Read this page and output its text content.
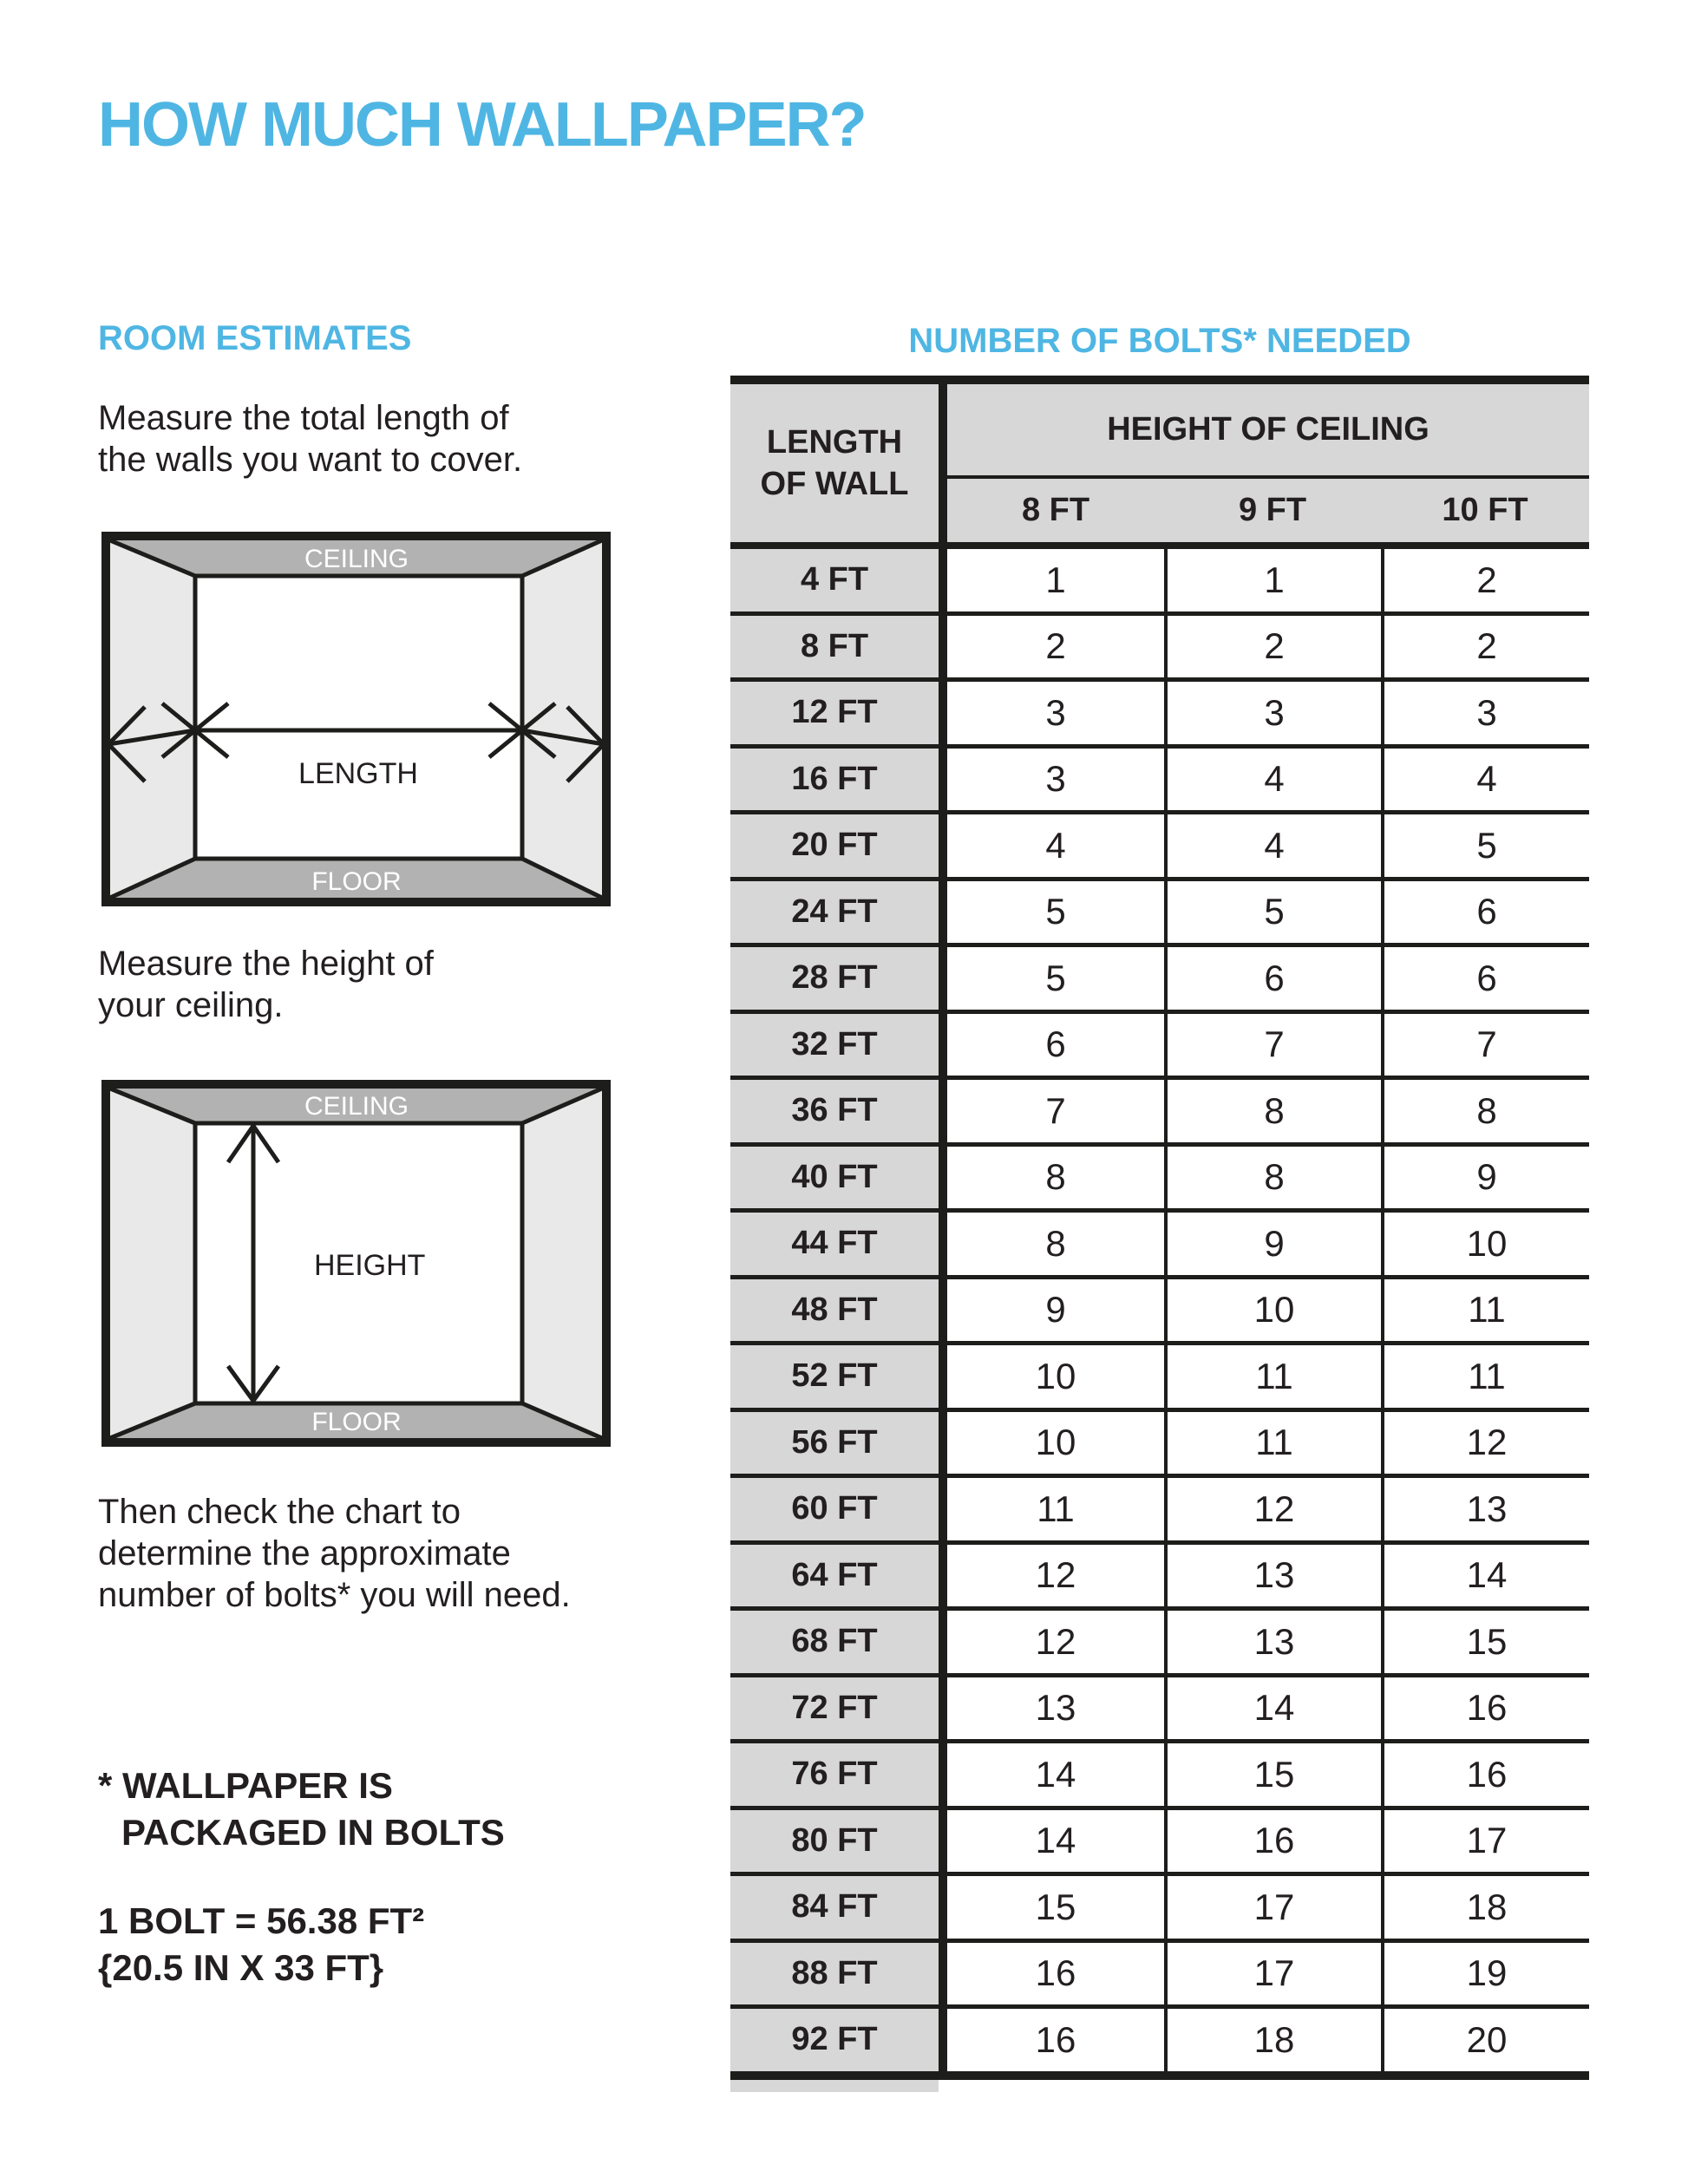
HOW MUCH WALLPAPER?
ROOM ESTIMATES

Measure the total length of
the walls you want to cover.

CEILING
FLOOR
LENGTH

Measure the height of
your ceiling.

CEILING
FLOOR
HEIGHT

Then check the chart to
determine the approximate
number of bolts* you will need.

* WALLPAPER IS
PACKAGED IN BOLTS

1 BOLT = 56.38 FT²
{20.5 IN X 33 FT}

NUMBER OF BOLTS* NEEDED
LENGTH
OF WALL
HEIGHT OF CEILING
8 FT	9 FT	10 FT
4 FT	1	1	2
8 FT	2	2	2
12 FT	3	3	3
16 FT	3	4	4
20 FT	4	4	5
24 FT	5	5	6
28 FT	5	6	6
32 FT	6	7	7
36 FT	7	8	8
40 FT	8	8	9
44 FT	8	9	10
48 FT	9	10	11
52 FT	10	11	11
56 FT	10	11	12
60 FT	11	12	13
64 FT	12	13	14
68 FT	12	13	15
72 FT	13	14	16
76 FT	14	15	16
80 FT	14	16	17
84 FT	15	17	18
88 FT	16	17	19
92 FT	16	18	20
